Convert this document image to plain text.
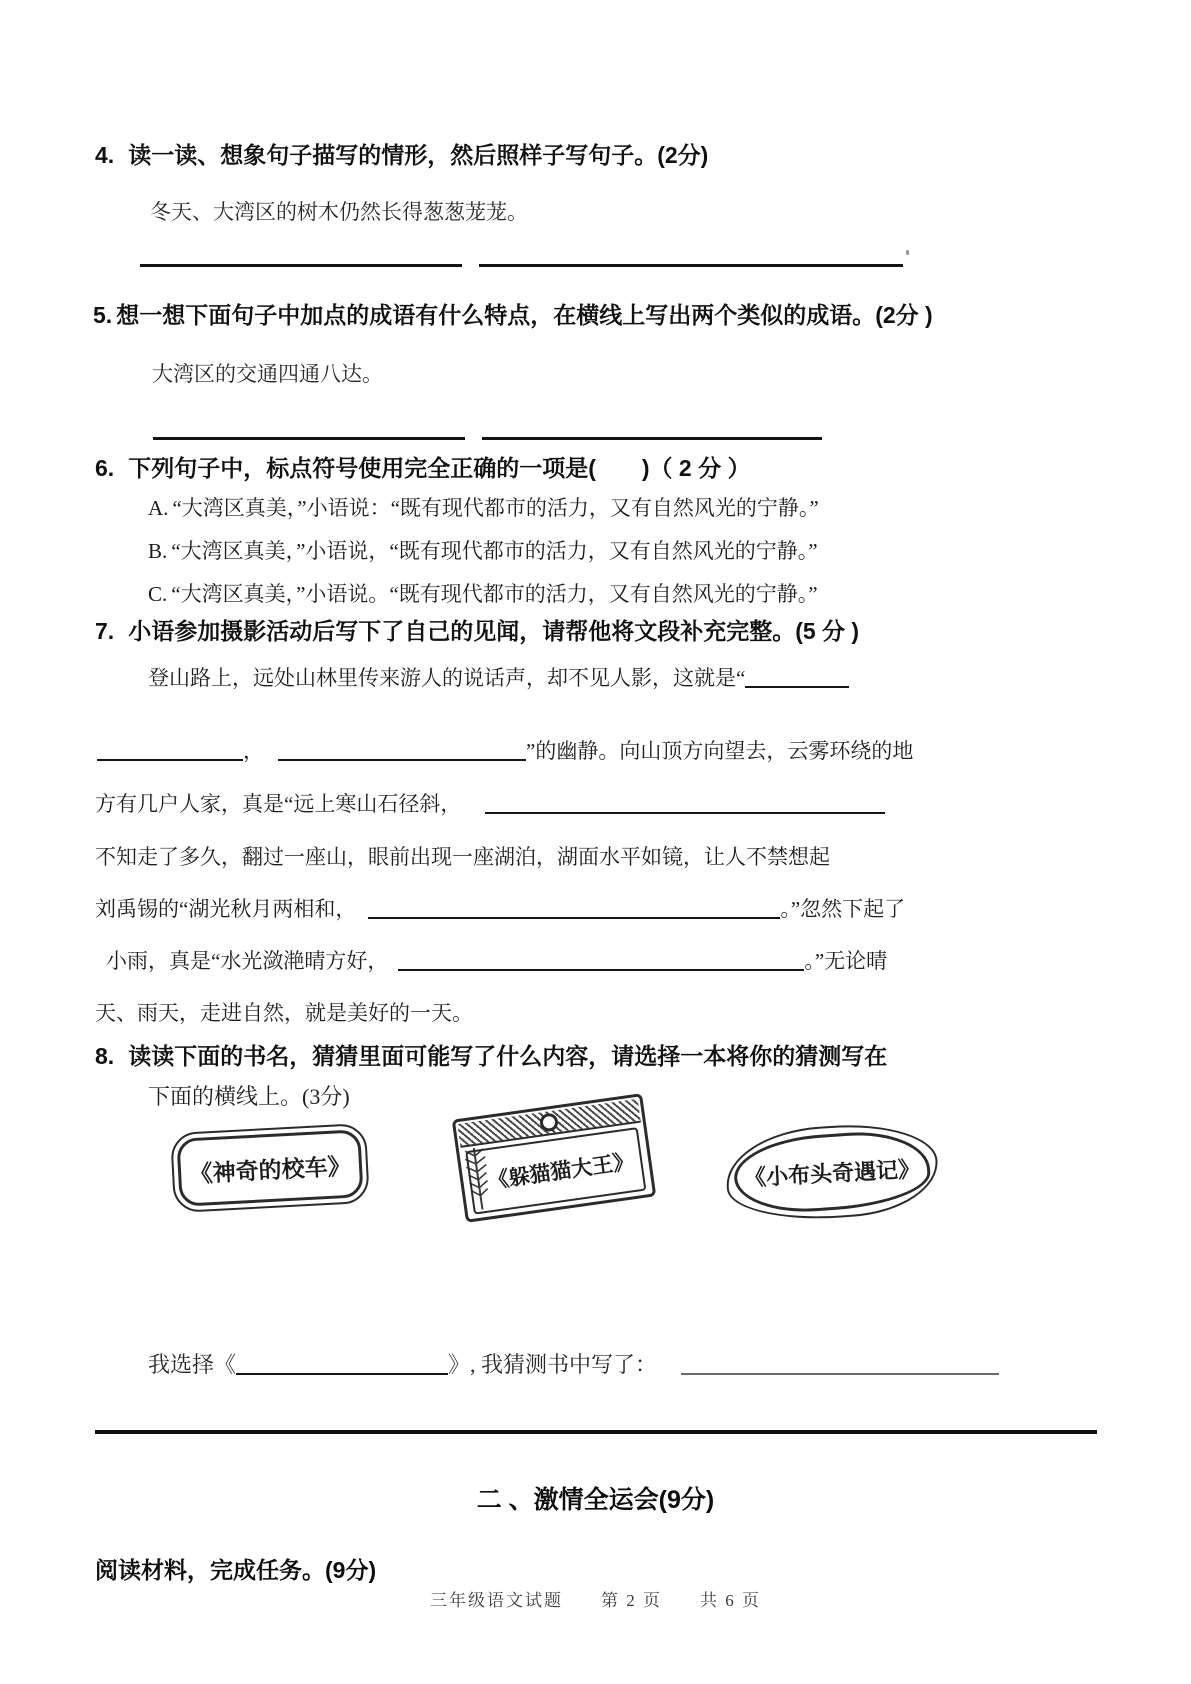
4. 读一读、想象句子描写的情形，然后照样子写句子。(2分)
冬天、大湾区的树木仍然长得葱葱茏茏。
5. 想一想下面句子中加点的成语有什么特点，在横线上写出两个类似的成语。(2分 )
大湾区的交通四通八达。
6. 下列句子中，标点符号使用完全正确的一项是(　　)（ 2 分 ）
A. “大湾区真美，”小语说：“既有现代都市的活力，又有自然风光的宁静。”
B. “大湾区真美，”小语说，“既有现代都市的活力，又有自然风光的宁静。”
C. “大湾区真美，”小语说。“既有现代都市的活力，又有自然风光的宁静。”
7. 小语参加摄影活动后写下了自己的见闻，请帮他将文段补充完整。(5 分 )
登山路上，远处山林里传来游人的说话声，却不见人影，这就是“
，	”的幽静。向山顶方向望去，云雾环绕的地
方有几户人家，真是“远上寒山石径斜，
不知走了多久，翻过一座山，眼前出现一座湖泊，湖面水平如镜，让人不禁想起
刘禹锡的“湖光秋月两相和，	。”忽然下起了
小雨，真是“水光潋滟晴方好，	。”无论晴
天、雨天，走进自然，就是美好的一天。
8. 读读下面的书名，猜猜里面可能写了什么内容，请选择一本将你的猜测写在
下面的横线上。(3分)
《神奇的校车》	《躲猫猫大王》	《小布头奇遇记》
我选择《	》, 我猜测书中写了：
二 、激情全运会(9分)
阅读材料，完成任务。(9分)
三年级语文试题　　第 2 页　　共 6 页
